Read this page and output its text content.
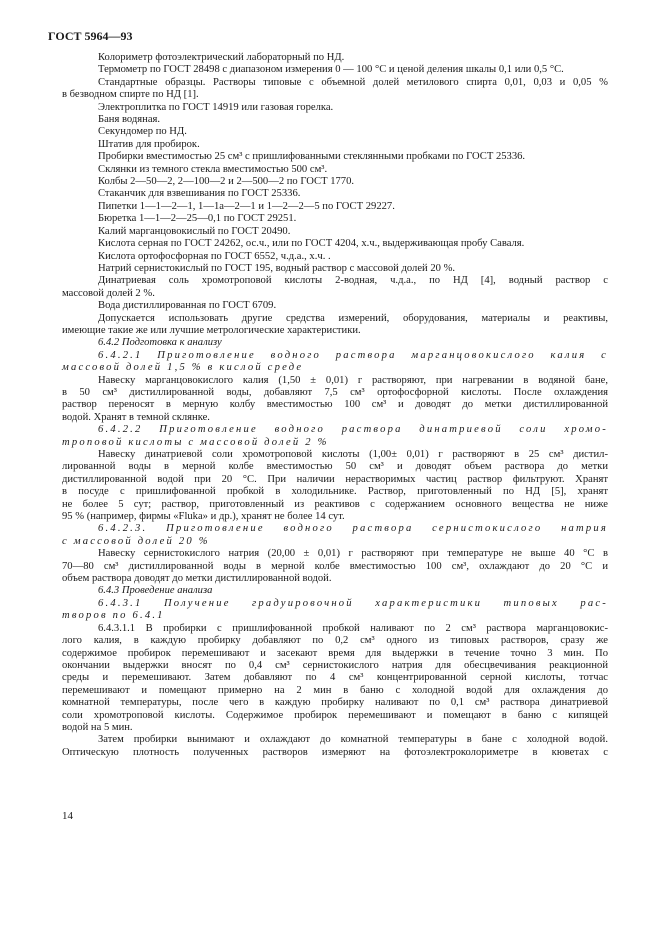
ГОСТ 5964—93
Колориметр фотоэлектрический лабораторный по НД.
Термометр по ГОСТ 28498 с диапазоном измерения 0 — 100 °С и ценой деления шкалы 0,1 или 0,5 °С.
Стандартные образцы. Растворы типовые с объемной долей метилового спирта 0,01, 0,03 и 0,05 %
в безводном спирте по НД [1].
Электроплитка по ГОСТ 14919 или газовая горелка.
Баня водяная.
Секундомер по НД.
Штатив для пробирок.
Пробирки вместимостью 25 см³ с пришлифованными стеклянными пробками по ГОСТ 25336.
Склянки из темного стекла вместимостью 500 см³.
Колбы 2—50—2, 2—100—2 и 2—500—2 по ГОСТ 1770.
Стаканчик для взвешивания по ГОСТ 25336.
Пипетки 1—1—2—1, 1—1а—2—1 и 1—2—2—5 по ГОСТ 29227.
Бюретка 1—1—2—25—0,1 по ГОСТ 29251.
Калий марганцовокислый по ГОСТ 20490.
Кислота серная по ГОСТ 24262, ос.ч., или по ГОСТ 4204, х.ч., выдерживающая пробу Саваля.
Кислота ортофосфорная по ГОСТ 6552, ч.д.а., х.ч. .
Натрий сернистокислый по ГОСТ 195, водный раствор с массовой долей 20 %.
Динатриевая соль хромотроповой кислоты 2-водная, ч.д.а., по НД [4], водный раствор с
массовой долей 2 %.
Вода дистиллированная по ГОСТ 6709.
Допускается использовать другие средства измерений, оборудования, материалы и реактивы,
имеющие такие же или лучшие метрологические характеристики.
6.4.2 Подготовка к анализу
6.4.2.1 Приготовление водного раствора марганцовокислого калия с
массовой долей 1,5 % в кислой среде
Навеску марганцовокислого калия (1,50 ± 0,01) г растворяют, при нагревании в водяной бане,
в 50 см³ дистиллированной воды, добавляют 7,5 см³ ортофосфорной кислоты. После охлаждения
раствор переносят в мерную колбу вместимостью 100 см³ и доводят до метки дистиллированной
водой. Хранят в темной склянке.
6.4.2.2 Приготовление водного раствора динатриевой соли хромо-
троповой кислоты с массовой долей 2 %
Навеску динатриевой соли хромотроповой кислоты (1,00± 0,01) г растворяют в 25 см³ дистил-
лированной воды в мерной колбе вместимостью 50 см³ и доводят объем раствора до метки
дистиллированной водой при 20 °С. При наличии нерастворимых частиц раствор фильтруют. Хранят
в посуде с пришлифованной пробкой в холодильнике. Раствор, приготовленный по НД [5], хранят
не более 5 сут; раствор, приготовленный из реактивов с содержанием основного вещества не ниже
95 % (например, фирмы «Fluka» и др.), хранят не более 14 сут.
6.4.2.3. Приготовление водного раствора сернистокислого натрия
с массовой долей 20 %
Навеску сернистокислого натрия (20,00 ± 0,01) г растворяют при температуре не выше 40 °С в
70—80 см³ дистиллированной воды в мерной колбе вместимостью 100 см³, охлаждают до 20 °С и
объем раствора доводят до метки дистиллированной водой.
6.4.3 Проведение анализа
6.4.3.1 Получение градуировочной характеристики типовых рас-
творов по 6.4.1
6.4.3.1.1 В пробирки с пришлифованной пробкой наливают по 2 см³ раствора марганцовокис-
лого калия, в каждую пробирку добавляют по 0,2 см³ одного из типовых растворов, сразу же
содержимое пробирок перемешивают и засекают время для выдержки в течение точно 3 мин. По
окончании выдержки вносят по 0,4 см³ сернистокислого натрия для обесцвечивания реакционной
среды и перемешивают. Затем добавляют по 4 см³ концентрированной серной кислоты, тотчас
перемешивают и помещают примерно на 2 мин в баню с холодной водой для охлаждения до
комнатной температуры, после чего в каждую пробирку наливают по 0,1 см³ раствора динатриевой
соли хромотроповой кислоты. Содержимое пробирок перемешивают и помещают в баню с кипящей
водой на 5 мин.
Затем пробирки вынимают и охлаждают до комнатной температуры в бане с холодной водой.
Оптическую плотность полученных растворов измеряют на фотоэлектроколориметре в кюветах с
14
